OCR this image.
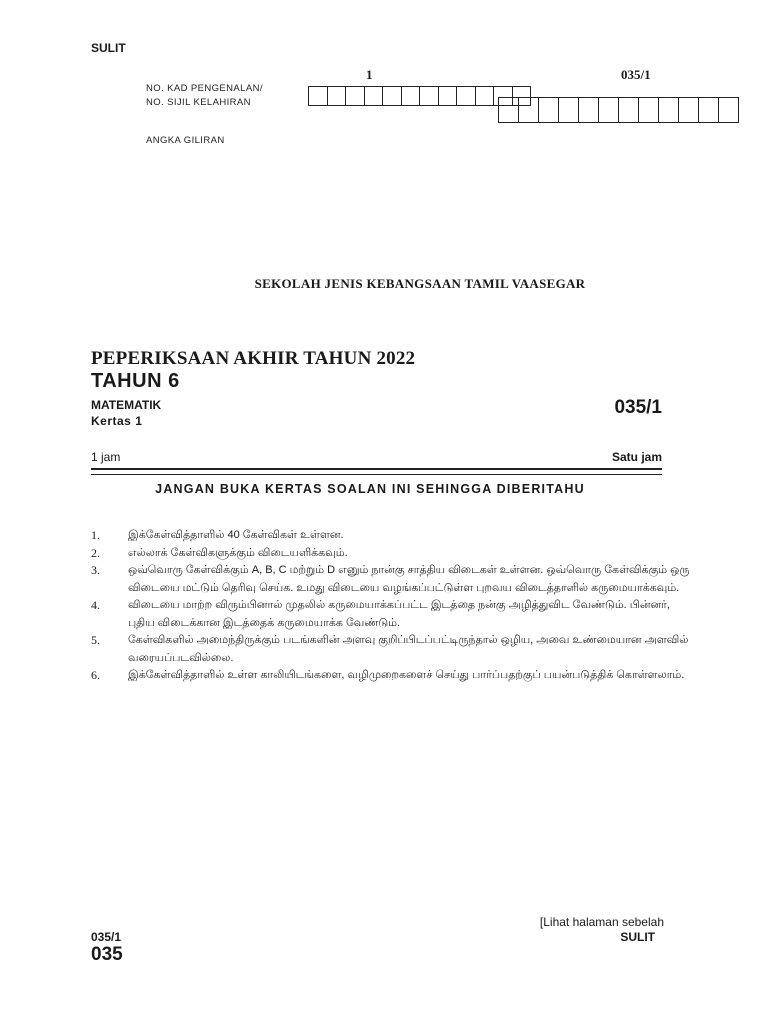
SULIT
NO. KAD PENGENALAN/
NO. SIJIL KELAHIRAN
ANGKA GILIRAN
1	035/1
SEKOLAH JENIS KEBANGSAAN TAMIL VAASEGAR
PEPERIKSAAN AKHIR TAHUN 2022
TAHUN 6
MATEMATIK
Kertas 1
035/1
1 jam	Satu jam
JANGAN BUKA KERTAS SOALAN INI SEHINGGA DIBERITAHU
1.	இக்கேள்வித்தாளில் 40 கேள்விகள் உள்ளன.
2.	எல்லாக் கேள்விகளுக்கும் விடையளிக்கவும்.
3.	ஒவ்வொரு கேள்விக்கும் A, B, C மற்றும் D எனும் நான்கு சாத்திய விடைகள் உள்ளன. ஒவ்வொரு கேள்விக்கும் ஒரு விடையை மட்டும் தெரிவு செய்க. உமது விடையை வழங்கப்பட்டுள்ள புறவய விடைத்தாளில் கருமையாக்கவும்.
4.	விடையை மாற்ற விரும்பினால் முதலில் கருமையாக்கப்பட்ட இடத்தை நன்கு அழித்துவிட வேண்டும். பின்னர், புதிய விடைக்கான இடத்தைக் கருமையாக்க வேண்டும்.
5.	கேள்விகளில் அமைந்திருக்கும் படங்களின் அளவு குறிப்பிடப்பட்டிருந்தால் ஒழிய, அவை உண்மையான அளவில் வரையப்படவில்லை.
6.	இக்கேள்வித்தாளில் உள்ள காலியிடங்களை, வழிமுறைகளைச் செய்து பார்ப்பதற்குப் பயன்படுத்திக் கொள்ளலாம்.
[Lihat halaman sebelah
SULIT
035/1
035
